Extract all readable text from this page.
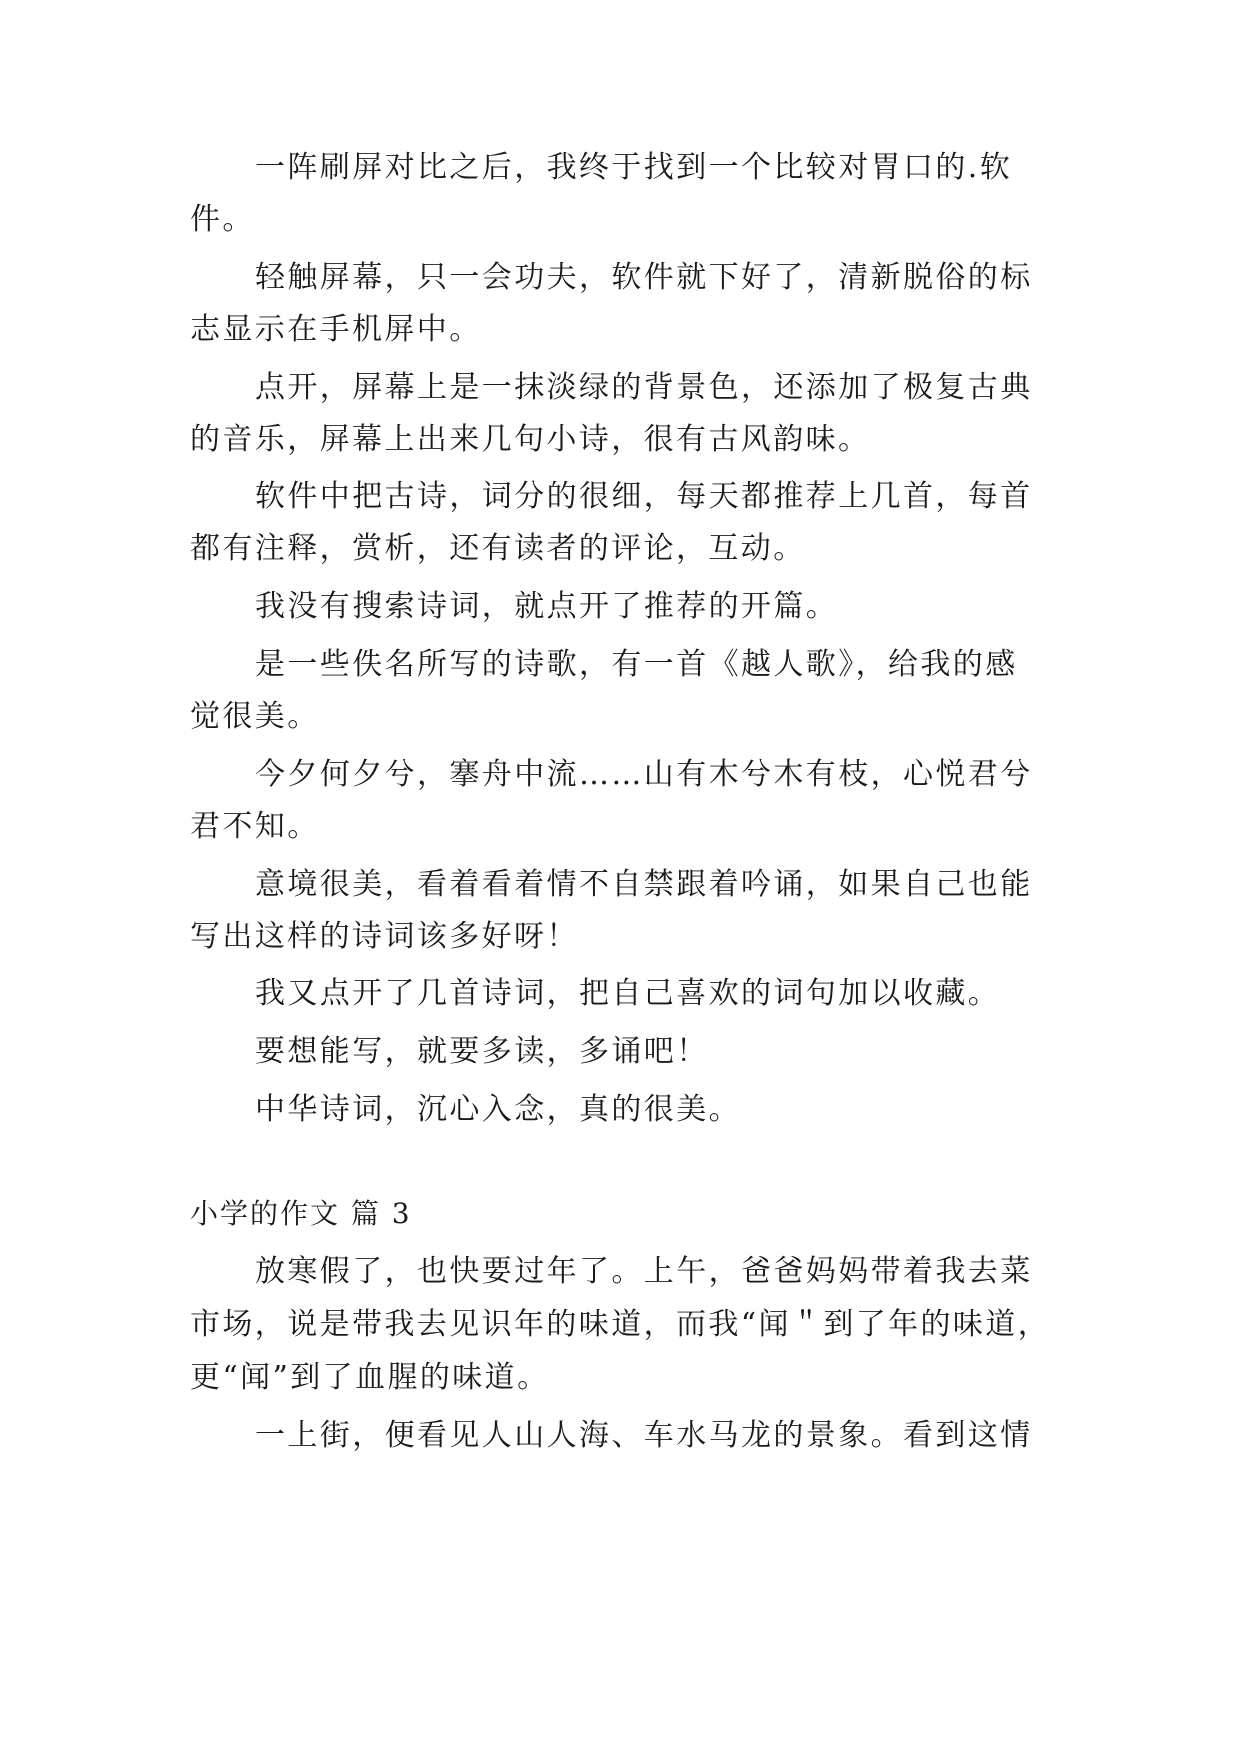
一阵刷屏对比之后，我终于找到一个比较对胃口的.软
件。
轻触屏幕，只一会功夫，软件就下好了，清新脱俗的标
志显示在手机屏中。
点开，屏幕上是一抹淡绿的背景色，还添加了极复古典
的音乐，屏幕上出来几句小诗，很有古风韵味。
软件中把古诗，词分的很细，每天都推荐上几首，每首
都有注释，赏析，还有读者的评论，互动。
我没有搜索诗词，就点开了推荐的开篇。
是一些佚名所写的诗歌，有一首《越人歌》，给我的感
觉很美。
今夕何夕兮，搴舟中流……山有木兮木有枝，心悦君兮
君不知。
意境很美，看着看着情不自禁跟着吟诵，如果自己也能
写出这样的诗词该多好呀！
我又点开了几首诗词，把自己喜欢的词句加以收藏。
要想能写，就要多读，多诵吧！
中华诗词，沉心入念，真的很美。
小学的作文 篇 3
放寒假了，也快要过年了。上午，爸爸妈妈带着我去菜
市场，说是带我去见识年的味道，而我“闻＂到了年的味道，
更“闻”到了血腥的味道。
一上街，便看见人山人海、车水马龙的景象。看到这情
